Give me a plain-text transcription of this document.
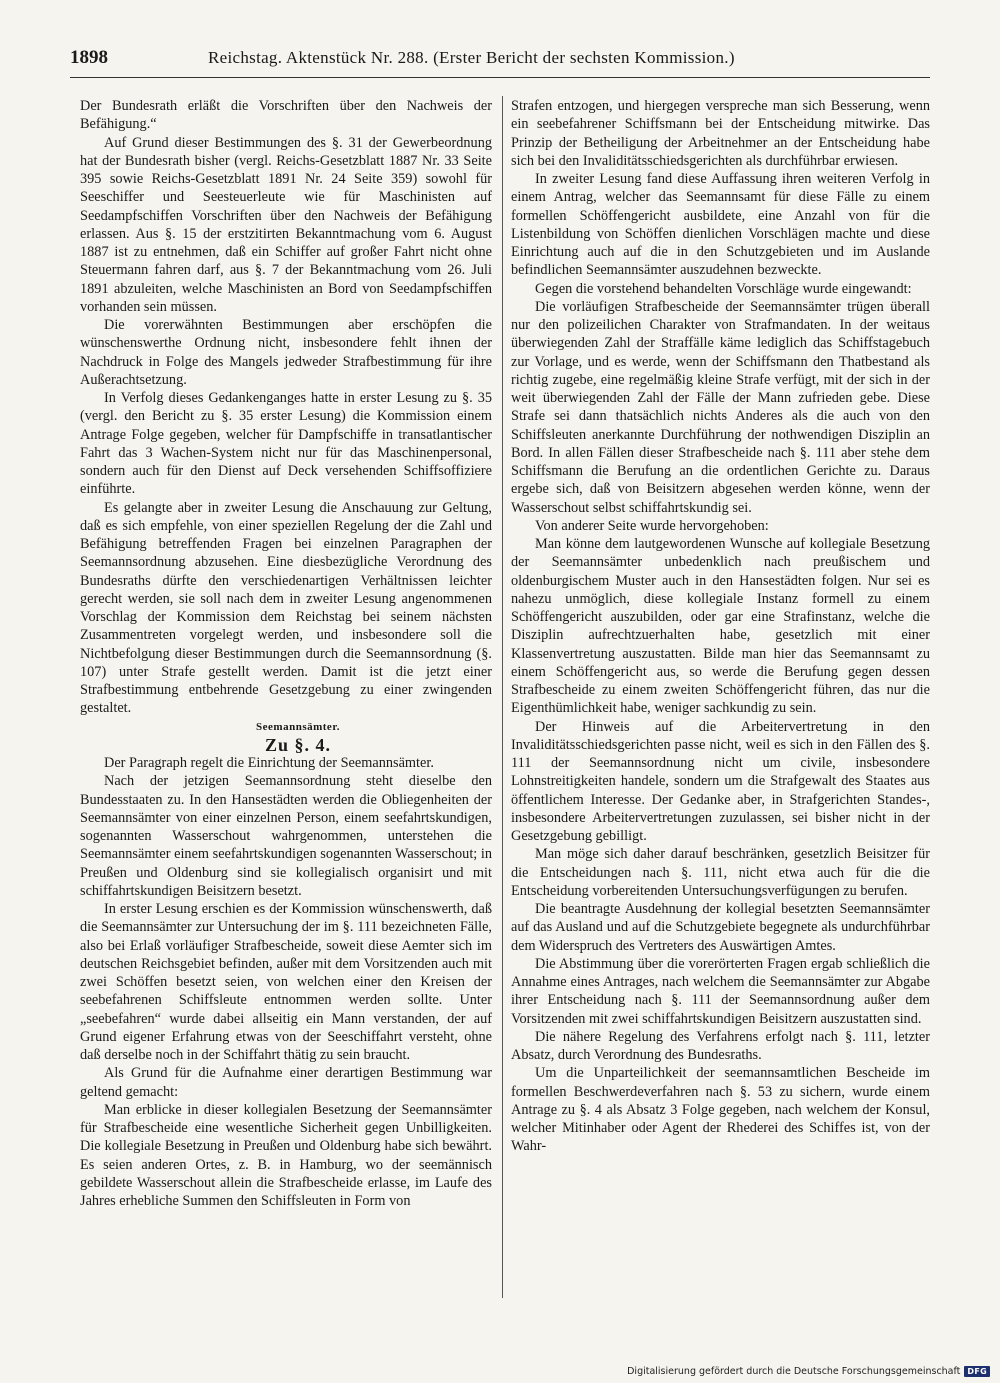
1898	Reichstag. Aktenstück Nr. 288. (Erster Bericht der sechsten Kommission.)

Der Bundesrath erläßt die Vorschriften über den Nachweis der Befähigung.“

Auf Grund dieser Bestimmungen des §. 31 der Gewerbeordnung hat der Bundesrath bisher (vergl. Reichs-Gesetzblatt 1887 Nr. 33 Seite 395 sowie Reichs-Gesetzblatt 1891 Nr. 24 Seite 359) sowohl für Seeschiffer und Seesteuerleute wie für Maschinisten auf Seedampfschiffen Vorschriften über den Nachweis der Befähigung erlassen. Aus §. 15 der erstzitirten Bekanntmachung vom 6. August 1887 ist zu entnehmen, daß ein Schiffer auf großer Fahrt nicht ohne Steuermann fahren darf, aus §. 7 der Bekanntmachung vom 26. Juli 1891 abzuleiten, welche Maschinisten an Bord von Seedampfschiffen vorhanden sein müssen.

Die vorerwähnten Bestimmungen aber erschöpfen die wünschenswerthe Ordnung nicht, insbesondere fehlt ihnen der Nachdruck in Folge des Mangels jedweder Strafbestimmung für ihre Außerachtsetzung.

In Verfolg dieses Gedankenganges hatte in erster Lesung zu §. 35 (vergl. den Bericht zu §. 35 erster Lesung) die Kommission einem Antrage Folge gegeben, welcher für Dampfschiffe in transatlantischer Fahrt das 3 Wachen-System nicht nur für das Maschinenpersonal, sondern auch für den Dienst auf Deck versehenden Schiffsoffiziere einführte.

Es gelangte aber in zweiter Lesung die Anschauung zur Geltung, daß es sich empfehle, von einer speziellen Regelung der die Zahl und Befähigung betreffenden Fragen bei einzelnen Paragraphen der Seemannsordnung abzusehen. Eine diesbezügliche Verordnung des Bundesraths dürfte den verschiedenartigen Verhältnissen leichter gerecht werden, sie soll nach dem in zweiter Lesung angenommenen Vorschlag der Kommission dem Reichstag bei seinem nächsten Zusammentreten vorgelegt werden, und insbesondere soll die Nichtbefolgung dieser Bestimmungen durch die Seemannsordnung (§. 107) unter Strafe gestellt werden. Damit ist die jetzt einer Strafbestimmung entbehrende Gesetzgebung zu einer zwingenden gestaltet.

Seemannsämter.

Zu §. 4.

Der Paragraph regelt die Einrichtung der Seemannsämter.

Nach der jetzigen Seemannsordnung steht dieselbe den Bundesstaaten zu. In den Hansestädten werden die Obliegenheiten der Seemannsämter von einer einzelnen Person, einem seefahrtskundigen, sogenannten Wasserschout wahrgenommen, unterstehen die Seemannsämter einem seefahrtskundigen sogenannten Wasserschout; in Preußen und Oldenburg sind sie kollegialisch organisirt und mit schiffahrtskundigen Beisitzern besetzt.

In erster Lesung erschien es der Kommission wünschenswerth, daß die Seemannsämter zur Untersuchung der im §. 111 bezeichneten Fälle, also bei Erlaß vorläufiger Strafbescheide, soweit diese Aemter sich im deutschen Reichsgebiet befinden, außer mit dem Vorsitzenden auch mit zwei Schöffen besetzt seien, von welchen einer den Kreisen der seebefahrenen Schiffsleute entnommen werden sollte. Unter „seebefahren“ wurde dabei allseitig ein Mann verstanden, der auf Grund eigener Erfahrung etwas von der Seeschiffahrt versteht, ohne daß derselbe noch in der Schiffahrt thätig zu sein braucht.

Als Grund für die Aufnahme einer derartigen Bestimmung war geltend gemacht:

Man erblicke in dieser kollegialen Besetzung der Seemannsämter für Strafbescheide eine wesentliche Sicherheit gegen Unbilligkeiten. Die kollegiale Besetzung in Preußen und Oldenburg habe sich bewährt. Es seien anderen Ortes, z. B. in Hamburg, wo der seemännisch gebildete Wasserschout allein die Strafbescheide erlasse, im Laufe des Jahres erhebliche Summen den Schiffsleuten in Form von

Strafen entzogen, und hiergegen verspreche man sich Besserung, wenn ein seebefahrener Schiffsmann bei der Entscheidung mitwirke. Das Prinzip der Betheiligung der Arbeitnehmer an der Entscheidung habe sich bei den Invaliditätsschiedsgerichten als durchführbar erwiesen.

In zweiter Lesung fand diese Auffassung ihren weiteren Verfolg in einem Antrag, welcher das Seemannsamt für diese Fälle zu einem formellen Schöffengericht ausbildete, eine Anzahl von für die Listenbildung von Schöffen dienlichen Vorschlägen machte und diese Einrichtung auch auf die in den Schutzgebieten und im Auslande befindlichen Seemannsämter auszudehnen bezweckte.

Gegen die vorstehend behandelten Vorschläge wurde eingewandt:

Die vorläufigen Strafbescheide der Seemannsämter trügen überall nur den polizeilichen Charakter von Strafmandaten. In der weitaus überwiegenden Zahl der Straffälle käme lediglich das Schiffstagebuch zur Vorlage, und es werde, wenn der Schiffsmann den Thatbestand als richtig zugebe, eine regelmäßig kleine Strafe verfügt, mit der sich in der weit überwiegenden Zahl der Fälle der Mann zufrieden gebe. Diese Strafe sei dann thatsächlich nichts Anderes als die auch von den Schiffsleuten anerkannte Durchführung der nothwendigen Disziplin an Bord. In allen Fällen dieser Strafbescheide nach §. 111 aber stehe dem Schiffsmann die Berufung an die ordentlichen Gerichte zu. Daraus ergebe sich, daß von Beisitzern abgesehen werden könne, wenn der Wasserschout selbst schiffahrtskundig sei.

Von anderer Seite wurde hervorgehoben:

Man könne dem lautgewordenen Wunsche auf kollegiale Besetzung der Seemannsämter unbedenklich nach preußischem und oldenburgischem Muster auch in den Hansestädten folgen. Nur sei es nahezu unmöglich, diese kollegiale Instanz formell zu einem Schöffengericht auszubilden, oder gar eine Strafinstanz, welche die Disziplin aufrechtzuerhalten habe, gesetzlich mit einer Klassenvertretung auszustatten. Bilde man hier das Seemannsamt zu einem Schöffengericht aus, so werde die Berufung gegen dessen Strafbescheide zu einem zweiten Schöffengericht führen, das nur die Eigenthümlichkeit habe, weniger sachkundig zu sein.

Der Hinweis auf die Arbeitervertretung in den Invaliditätsschiedsgerichten passe nicht, weil es sich in den Fällen des §. 111 der Seemannsordnung nicht um civile, insbesondere Lohnstreitigkeiten handele, sondern um die Strafgewalt des Staates aus öffentlichem Interesse. Der Gedanke aber, in Strafgerichten Standes-, insbesondere Arbeitervertretungen zuzulassen, sei bisher nicht in der Gesetzgebung gebilligt.

Man möge sich daher darauf beschränken, gesetzlich Beisitzer für die Entscheidungen nach §. 111, nicht etwa auch für die die Entscheidung vorbereitenden Untersuchungsverfügungen zu berufen.

Die beantragte Ausdehnung der kollegial besetzten Seemannsämter auf das Ausland und auf die Schutzgebiete begegnete als undurchführbar dem Widerspruch des Vertreters des Auswärtigen Amtes.

Die Abstimmung über die vorerörterten Fragen ergab schließlich die Annahme eines Antrages, nach welchem die Seemannsämter zur Abgabe ihrer Entscheidung nach §. 111 der Seemannsordnung außer dem Vorsitzenden mit zwei schiffahrtskundigen Beisitzern auszustatten sind.

Die nähere Regelung des Verfahrens erfolgt nach §. 111, letzter Absatz, durch Verordnung des Bundesraths.

Um die Unparteilichkeit der seemannsamtlichen Bescheide im formellen Beschwerdeverfahren nach §. 53 zu sichern, wurde einem Antrage zu §. 4 als Absatz 3 Folge gegeben, nach welchem der Konsul, welcher Mitinhaber oder Agent der Rhederei des Schiffes ist, von der Wahr-

Digitalisierung gefördert durch die Deutsche Forschungsgemeinschaft DFG
